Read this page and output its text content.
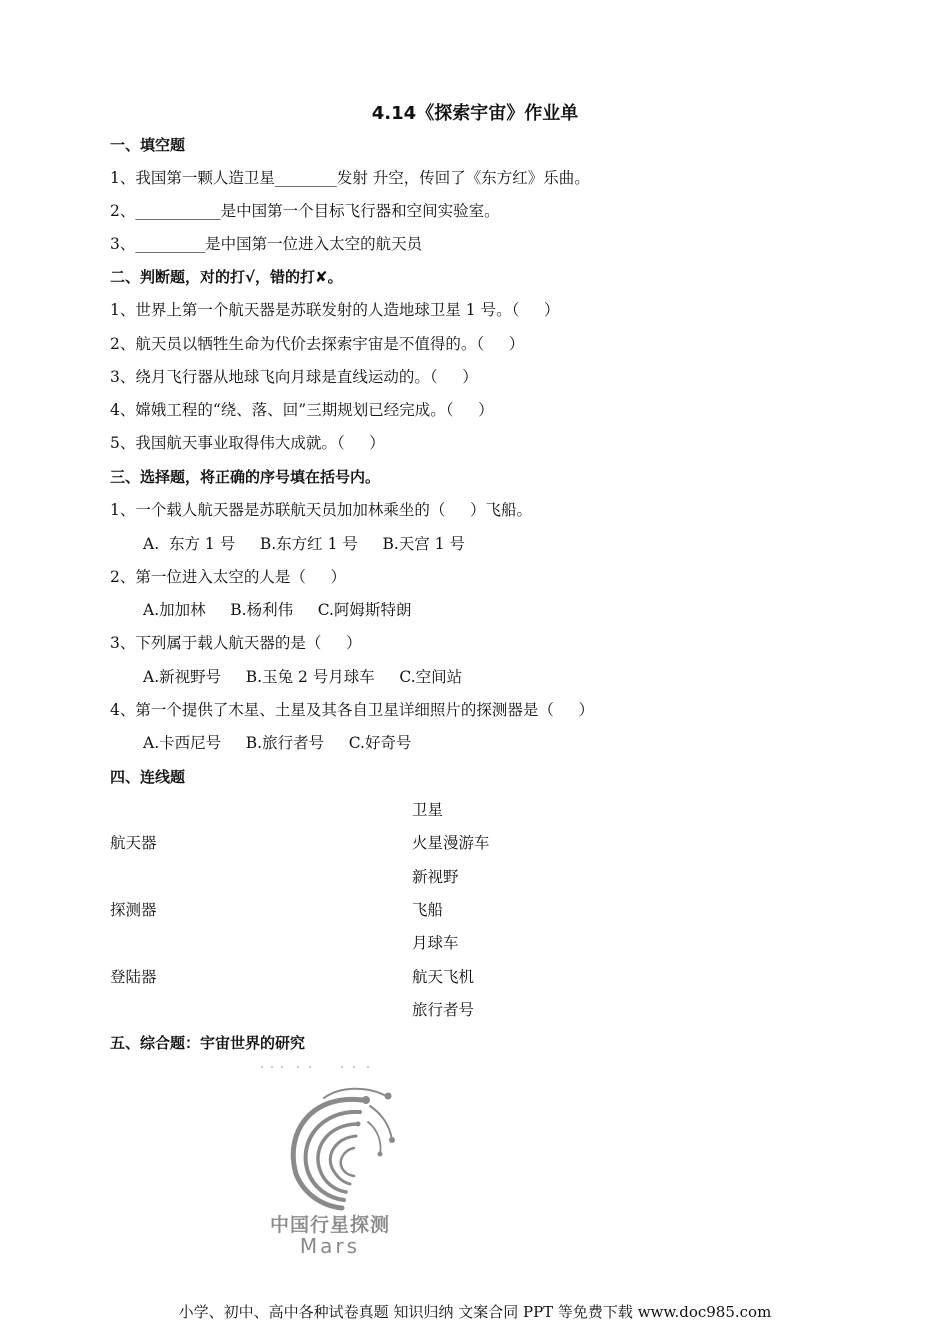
4.14《探索宇宙》作业单
一、填空题
1、我国第一颗人造卫星________发射 升空，传回了《东方红》乐曲。
2、___________是中国第一个目标飞行器和空间实验室。
3、_________是中国第一位进入太空的航天员
二、判断题，对的打√，错的打✘。
1、世界上第一个航天器是苏联发射的人造地球卫星 1 号。（     ）
2、航天员以牺牲生命为代价去探索宇宙是不值得的。（     ）
3、绕月飞行器从地球飞向月球是直线运动的。（     ）
4、嫦娥工程的“绕、落、回”三期规划已经完成。（     ）
5、我国航天事业取得伟大成就。（     ）
三、选择题，将正确的序号填在括号内。
1、一个载人航天器是苏联航天员加加林乘坐的（     ）飞船。
A.  东方 1 号     B.东方红 1 号     B.天宫 1 号
2、第一位进入太空的人是（     ）
A.加加林     B.杨利伟     C.阿姆斯特朗
3、下列属于载人航天器的是（     ）
A.新视野号     B.玉兔 2 号月球车     C.空间站
4、第一个提供了木星、土星及其各自卫星详细照片的探测器是（     ）
A.卡西尼号     B.旅行者号     C.好奇号
四、连线题
卫星
航天器	火星漫游车
新视野
探测器	飞船
月球车
登陆器	航天飞机
旅行者号
五、综合题：宇宙世界的研究
中国行星探测
Mars
小学、初中、高中各种试卷真题 知识归纳 文案合同 PPT 等免费下载 www.doc985.com
